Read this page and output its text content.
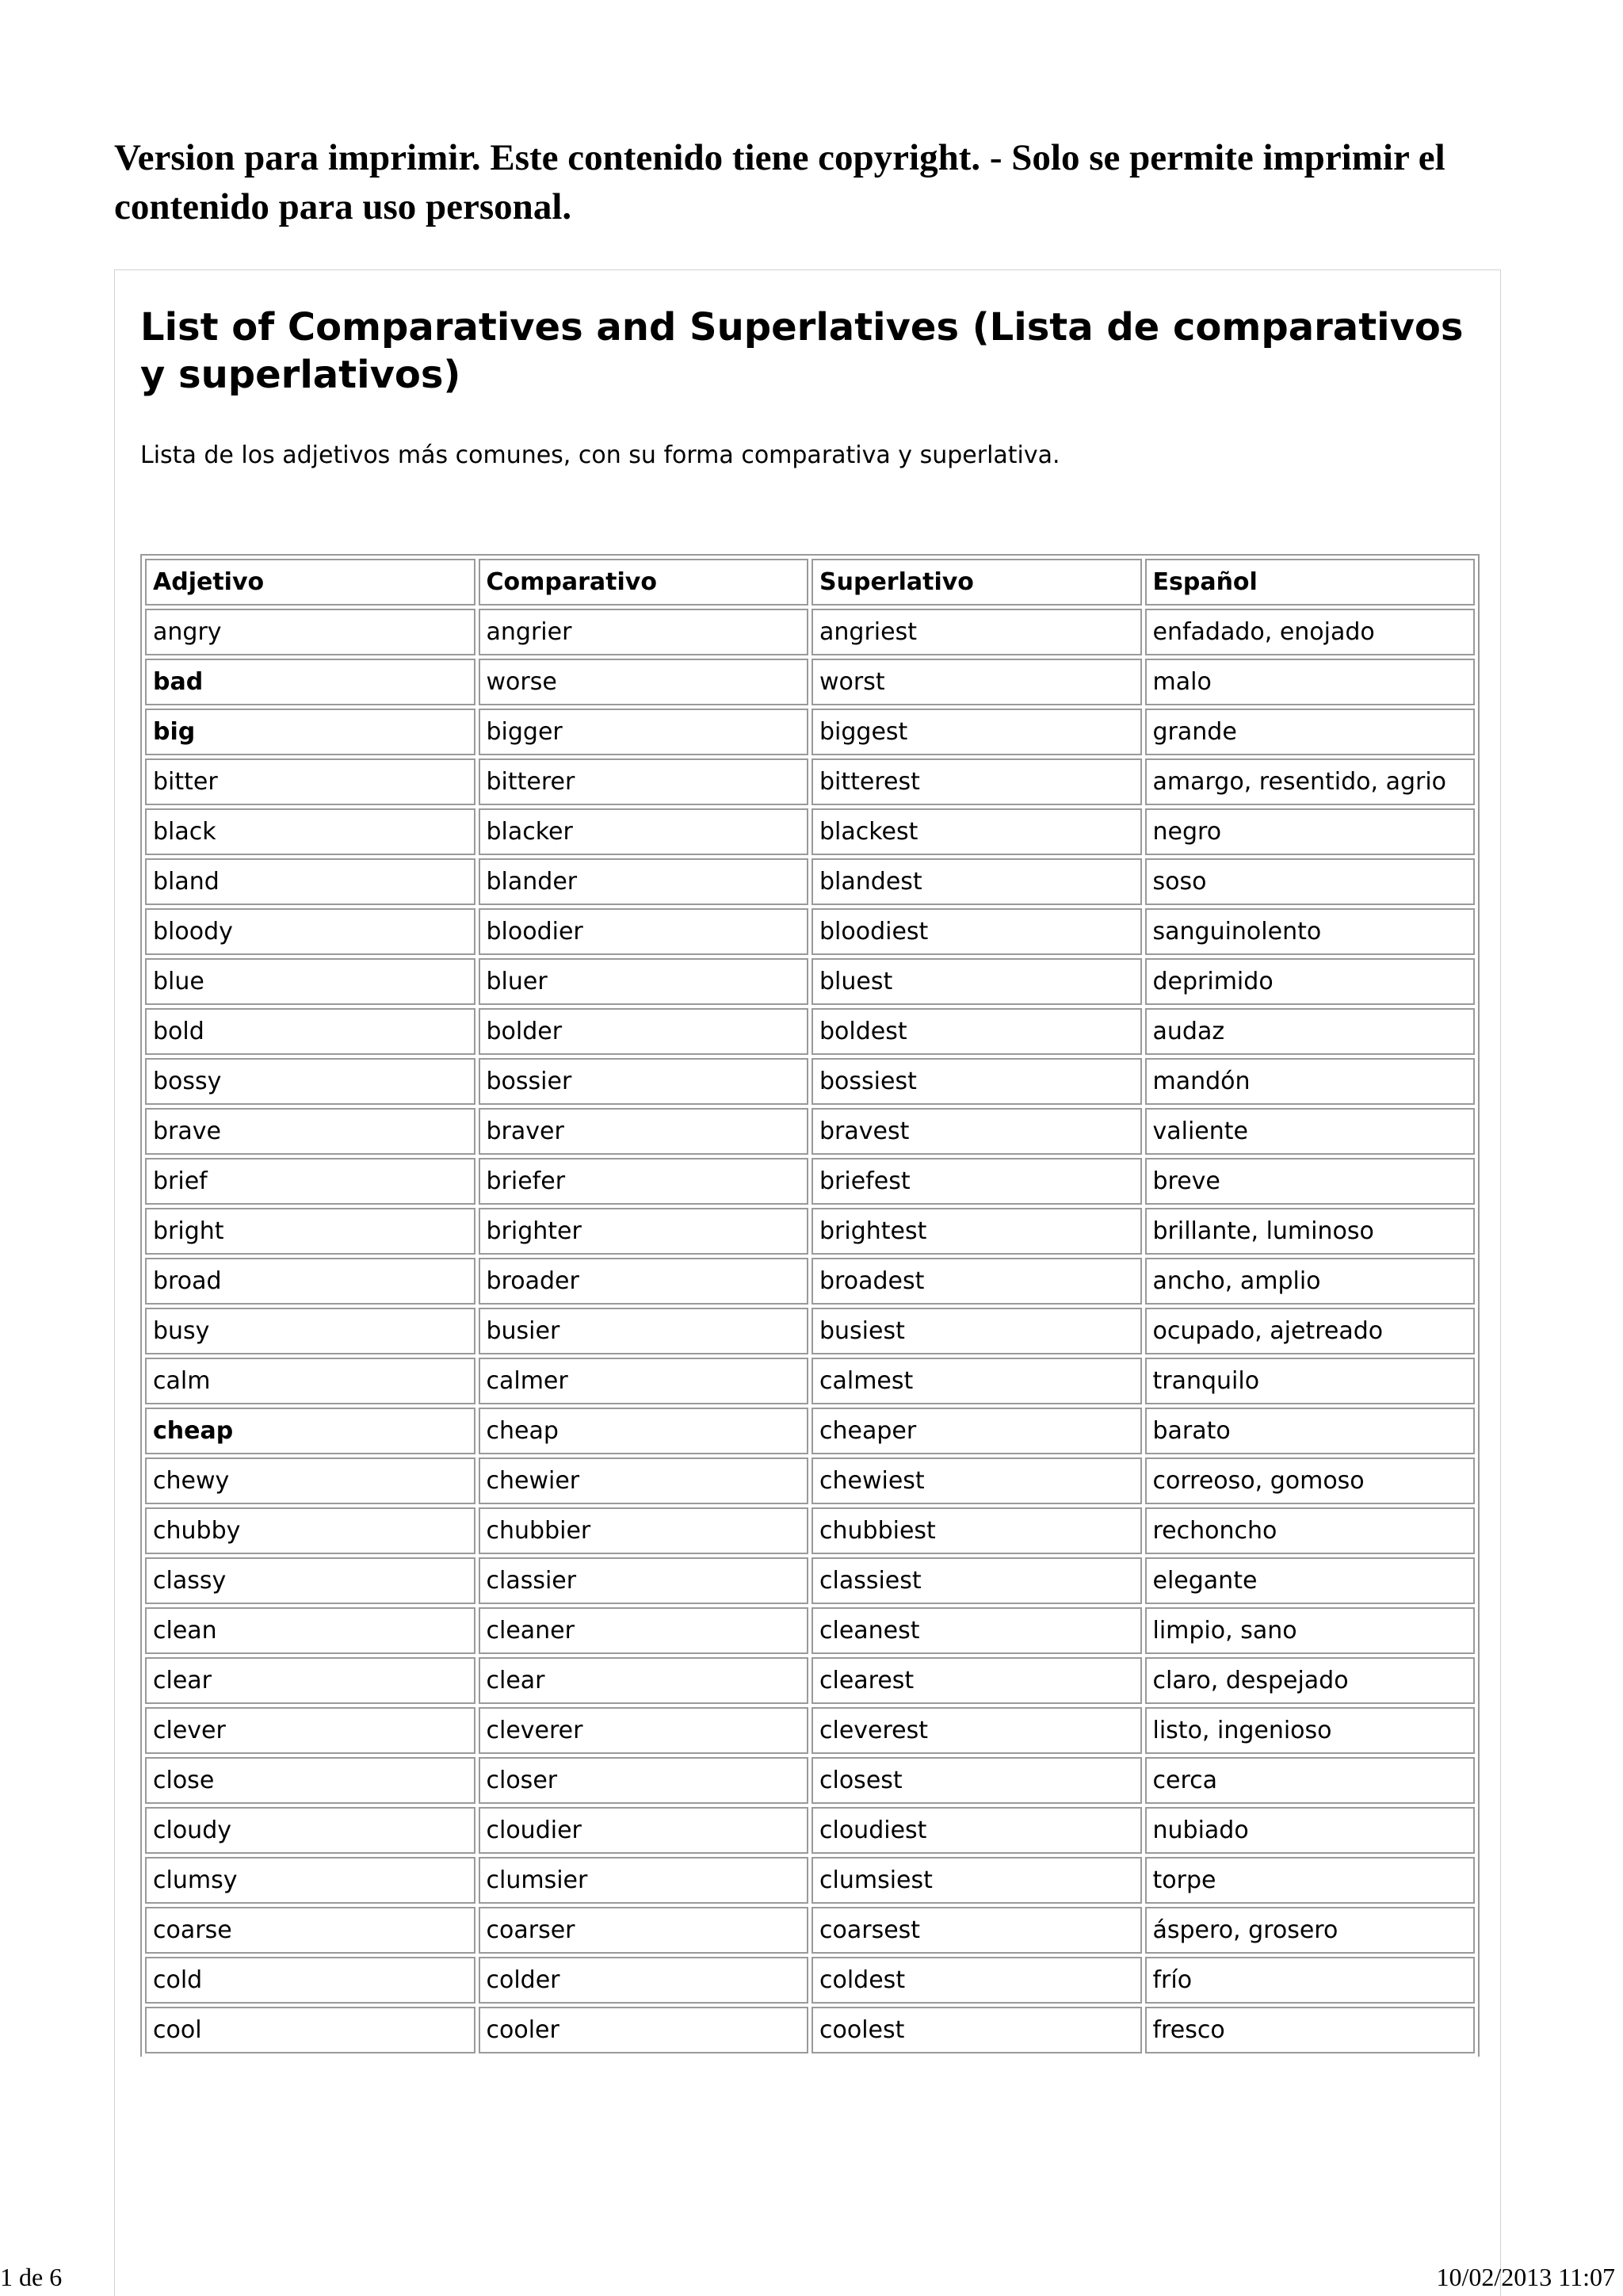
Version para imprimir. Este contenido tiene copyright. - Solo se permite imprimir el contenido para uso personal.
List of Comparatives and Superlatives (Lista de comparativos y superlativos)

Lista de los adjetivos más comunes, con su forma comparativa y superlativa.

Adjetivo	Comparativo	Superlativo	Español
angry	angrier	angriest	enfadado, enojado
bad	worse	worst	malo
big	bigger	biggest	grande
bitter	bitterer	bitterest	amargo, resentido, agrio
black	blacker	blackest	negro
bland	blander	blandest	soso
bloody	bloodier	bloodiest	sanguinolento
blue	bluer	bluest	deprimido
bold	bolder	boldest	audaz
bossy	bossier	bossiest	mandón
brave	braver	bravest	valiente
brief	briefer	briefest	breve
bright	brighter	brightest	brillante, luminoso
broad	broader	broadest	ancho, amplio
busy	busier	busiest	ocupado, ajetreado
calm	calmer	calmest	tranquilo
cheap	cheap	cheaper	barato
chewy	chewier	chewiest	correoso, gomoso
chubby	chubbier	chubbiest	rechoncho
classy	classier	classiest	elegante
clean	cleaner	cleanest	limpio, sano
clear	clear	clearest	claro, despejado
clever	cleverer	cleverest	listo, ingenioso
close	closer	closest	cerca
cloudy	cloudier	cloudiest	nubiado
clumsy	clumsier	clumsiest	torpe
coarse	coarser	coarsest	áspero, grosero
cold	colder	coldest	frío
cool	cooler	coolest	fresco
1 de 6	10/02/2013 11:07
